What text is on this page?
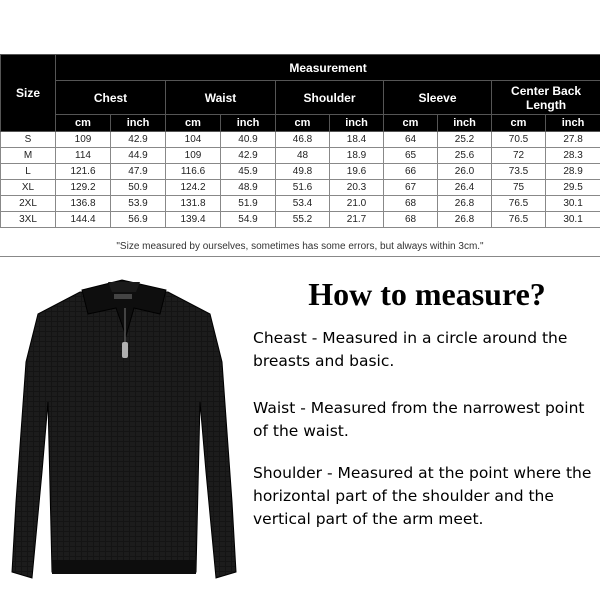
Size	Measurement									
	Chest		Waist		Shoulder		Sleeve		Center Back Length	
	cm	inch	cm	inch	cm	inch	cm	inch	cm	inch
S	109	42.9	104	40.9	46.8	18.4	64	25.2	70.5	27.8
M	114	44.9	109	42.9	48	18.9	65	25.6	72	28.3
L	121.6	47.9	116.6	45.9	49.8	19.6	66	26.0	73.5	28.9
XL	129.2	50.9	124.2	48.9	51.6	20.3	67	26.4	75	29.5
2XL	136.8	53.9	131.8	51.9	53.4	21.0	68	26.8	76.5	30.1
3XL	144.4	56.9	139.4	54.9	55.2	21.7	68	26.8	76.5	30.1
"Size measured by ourselves, sometimes has some errors, but always within 3cm."
How to measure?
Cheast - Measured in a circle around the breasts and basic.
Waist - Measured from the narrowest point of the waist.
Shoulder - Measured at the point where the horizontal part of the shoulder and the vertical part of the arm meet.
